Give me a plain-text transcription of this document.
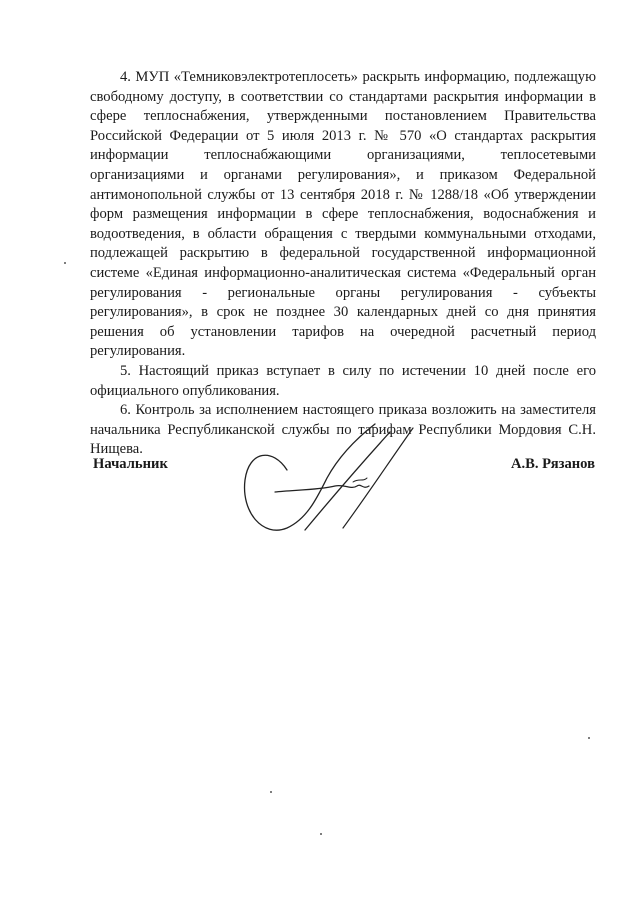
4. МУП «Темниковэлектротеплосеть» раскрыть информацию, подлежащую свободному доступу, в соответствии со стандартами раскрытия информации в сфере теплоснабжения, утвержденными постановлением Правительства Российской Федерации от 5 июля 2013 г. № 570 «О стандартах раскрытия информации теплоснабжающими организациями, теплосетевыми организациями и органами регулирования», и приказом Федеральной антимонопольной службы от 13 сентября 2018 г. № 1288/18 «Об утверждении форм размещения информации в сфере теплоснабжения, водоснабжения и водоотведения, в области обращения с твердыми коммунальными отходами, подлежащей раскрытию в федеральной государственной информационной системе «Единая информационно-аналитическая система «Федеральный орган регулирования - региональные органы регулирования - субъекты регулирования», в срок не позднее 30 календарных дней со дня принятия решения об установлении тарифов на очередной расчетный период регулирования.

5. Настоящий приказ вступает в силу по истечении 10 дней после его официального опубликования.

6. Контроль за исполнением настоящего приказа возложить на заместителя начальника Республиканской службы по тарифам Республики Мордовия С.Н. Нищева.

Начальник	А.В. Рязанов
